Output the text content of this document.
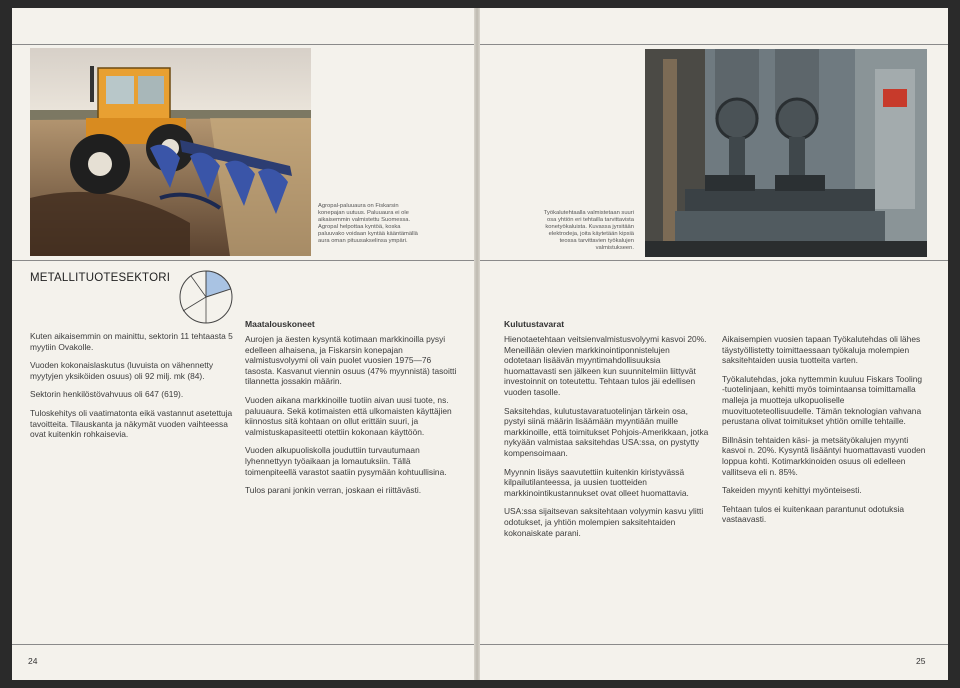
Agropal-paluuaura on Fiskarsin konepajan uutuus. Paluuaura ei ole aikaisemmin valmistettu Suomessa. Agropal helpottaa kyntöä, koska paluuvako voidaan kyntää kääntämällä aura oman pituusakselinsa ympäri.
METALLITUOTESEKTORI

Kuten aikaisemmin on mainittu, sektorin 11 tehtaasta 5 myytiin Ovakolle.

Vuoden kokonaislaskutus (luvuista on vähennetty myytyjen yksiköiden osuus) oli 92 milj. mk (84).

Sektorin henkilöstövahvuus oli 647 (619).

Tuloskehitys oli vaatimatonta eikä vastannut asetettuja tavoitteita. Tilauskanta ja näkymät vuoden vaihteessa ovat kuitenkin rohkaisevia.

Maatalouskoneet

Aurojen ja äesten kysyntä kotimaan markkinoilla pysyi edelleen alhaisena, ja Fiskarsin konepajan valmistusvolyymi oli vain puolet vuosien 1975—76 tasosta. Kasvanut viennin osuus (47% myynnistä) tasoitti tilannetta jossakin määrin.

Vuoden aikana markkinoille tuotiin aivan uusi tuote, ns. paluuaura. Sekä kotimaisten että ulkomaisten käyttäjien kiinnostus sitä kohtaan on ollut erittäin suuri, ja valmistuskapasiteetti otettiin kokonaan käyttöön.

Vuoden alkupuoliskolla jouduttiin turvautumaan lyhennettyyn työaikaan ja lomautuksiin. Tällä toimenpiteellä varastot saatiin pysymään kohtuullisina.

Tulos parani jonkin verran, joskaan ei riittävästi.

24
Työkalutehtaalla valmistetaan suuri osa yhtiön eri tehtailla tarvittavista konetyökaluista. Kuvassa jyrsitään elektrodeja, joita käytetään kipsiä teossa tarvittavien työkalujen valmistukseen.
Kulutustavarat

Hienotaetehtaan veitsienvalmistusvolyymi kasvoi 20%. Meneillään olevien markkinointiponnistelujen odotetaan lisäävän myyntimahdollisuuksia huomattavasti sen jälkeen kun suunnitelmiin liittyvät investoinnit on toteutettu. Tehtaan tulos jäi edellisen vuoden tasolle.

Saksitehdas, kulutustavaratuotelinjan tärkein osa, pystyi siinä määrin lisäämään myyntiään muille markkinoille, että toimitukset Pohjois-Amerikkaan, jotka nykyään valmistaa saksitehdas USA:ssa, on pystytty kompensoimaan.

Myynnin lisäys saavutettiin kuitenkin kiristyvässä kilpailutilanteessa, ja uusien tuotteiden markkinointikustannukset ovat olleet huomattavia.

USA:ssa sijaitsevan saksitehtaan volyymin kasvu ylitti odotukset, ja yhtiön molempien saksitehtaiden kokonaiskate parani.

Aikaisempien vuosien tapaan Työkalutehdas oli lähes täystyöllistetty toimittaessaan työkaluja molempien saksitehtaiden uusia tuotteita varten.

Työkalutehdas, joka nyttemmin kuuluu Fiskars Tooling -tuotelinjaan, kehitti myös toimintaansa toimittamalla malleja ja muotteja ulkopuoliselle muovituoteteollisuudelle. Tämän teknologian vahvana perustana olivat toimitukset yhtiön omille tehtaille.

Billnäsin tehtaiden käsi- ja metsätyökalujen myynti kasvoi n. 20%. Kysyntä lisääntyi huomattavasti vuoden loppua kohti. Kotimarkkinoiden osuus oli edelleen vallitseva eli n. 85%.

Takeiden myynti kehittyi myönteisesti.

Tehtaan tulos ei kuitenkaan parantunut odotuksia vastaavasti.

25
